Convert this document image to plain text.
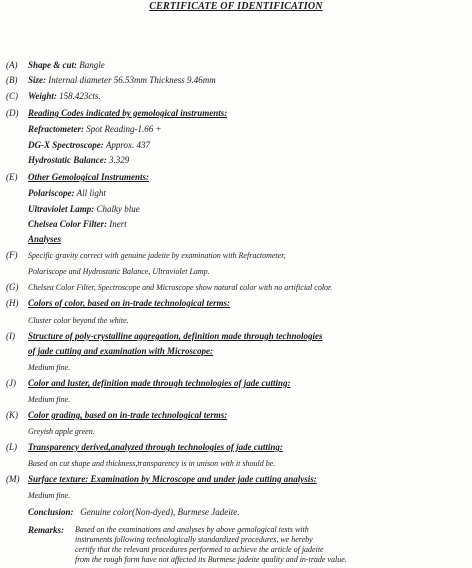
CERTIFICATE OF IDENTIFICATION
(A) Shape & cut: Bangle
(B) Size: Internal diameter 56.53mm Thickness 9.46mm
(C) Weight: 158.423cts.
(D) Reading Codes indicated by gemological instruments:
Refractometer: Spot Reading-1.66 +
DG-X Spectroscope: Approx. 437
Hydrostatic Balance: 3.329
(E) Other Gemological Instruments:
Polariscope: All light
Ultraviolet Lamp: Chalky blue
Chelsea Color Filter: Inert
Analyses
(F) Specific gravity correct with genuine jadeite by examination with Refractometer,
Polariscope and Hydrostatic Balance, Ultraviolet Lamp.
(G) Chelsea Color Filter, Spectroscope and Microscope show natural color with no artificial color.
(H) Colors of color, based on in-trade technological terms:
Cluster color beyond the white.
(I) Structure of poly-crystalline aggregation, definition made through technologies
of jade cutting and examination with Microscope:
Medium fine.
(J) Color and luster, definition made through technologies of jade cutting:
Medium fine.
(K) Color grading, based on in-trade technological terms:
Greyish apple green.
(L) Transparency derived,analyzed through technologies of jade cutting:
Based on cut shape and thickness,transparency is in unison with it should be.
(M) Surface texture: Examination by Microscope and under jade cutting analysis:
Medium fine.
Conclusion: Genuine color(Non-dyed), Burmese Jadeite.
Remarks: Based on the examinations and analyses by above gemological tests with
instruments following technologically standardized procedures, we hereby
certify that the relevant procedures performed to achieve the article of jadeite
from the rough form have not affected its Burmese jadeite quality and in-trade value.
